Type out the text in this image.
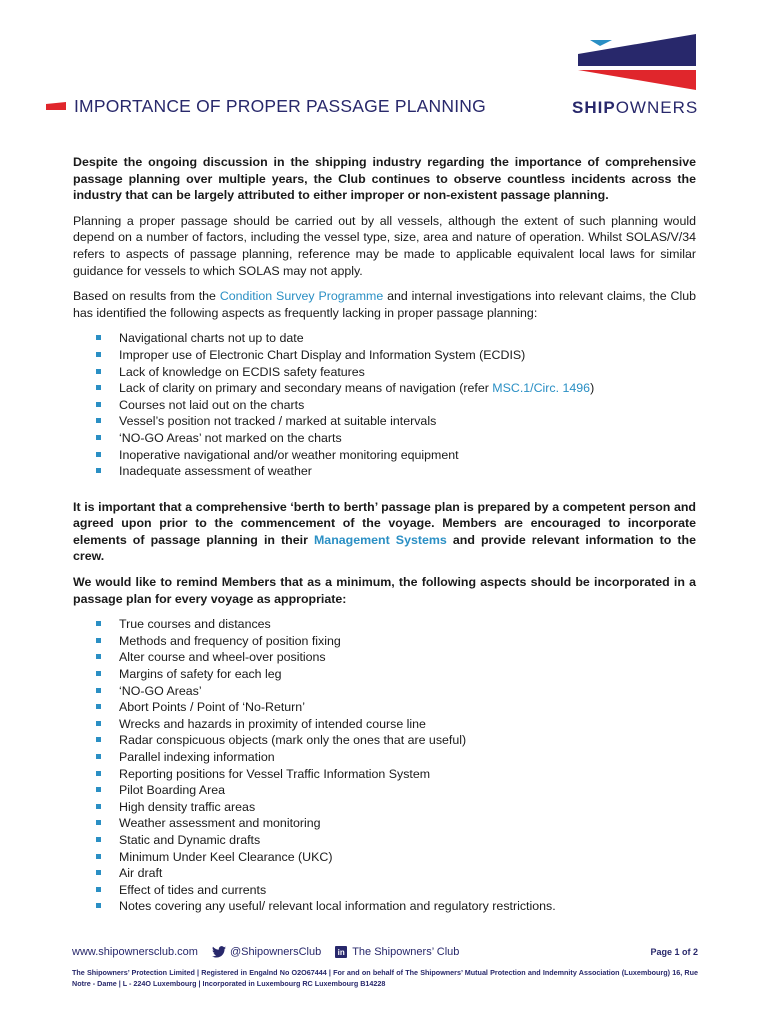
SHIPOWNERS
IMPORTANCE OF PROPER PASSAGE PLANNING

Despite the ongoing discussion in the shipping industry regarding the importance of comprehensive passage planning over multiple years, the Club continues to observe countless incidents across the industry that can be largely attributed to either improper or non-existent passage planning.

Planning a proper passage should be carried out by all vessels, although the extent of such planning would depend on a number of factors, including the vessel type, size, area and nature of operation. Whilst SOLAS/V/34 refers to aspects of passage planning, reference may be made to applicable equivalent local laws for similar guidance for vessels to which SOLAS may not apply.

Based on results from the Condition Survey Programme and internal investigations into relevant claims, the Club has identified the following aspects as frequently lacking in proper passage planning:

Navigational charts not up to date
Improper use of Electronic Chart Display and Information System (ECDIS)
Lack of knowledge on ECDIS safety features
Lack of clarity on primary and secondary means of navigation (refer MSC.1/Circ. 1496)
Courses not laid out on the charts
Vessel’s position not tracked / marked at suitable intervals
‘NO-GO Areas’ not marked on the charts
Inoperative navigational and/or weather monitoring equipment
Inadequate assessment of weather

It is important that a comprehensive ‘berth to berth’ passage plan is prepared by a competent person and agreed upon prior to the commencement of the voyage. Members are encouraged to incorporate elements of passage planning in their Management Systems and provide relevant information to the crew.

We would like to remind Members that as a minimum, the following aspects should be incorporated in a passage plan for every voyage as appropriate:

True courses and distances
Methods and frequency of position fixing
Alter course and wheel-over positions
Margins of safety for each leg
‘NO-GO Areas’
Abort Points / Point of ‘No-Return’
Wrecks and hazards in proximity of intended course line
Radar conspicuous objects (mark only the ones that are useful)
Parallel indexing information
Reporting positions for Vessel Traffic Information System
Pilot Boarding Area
High density traffic areas
Weather assessment and monitoring
Static and Dynamic drafts
Minimum Under Keel Clearance (UKC)
Air draft
Effect of tides and currents
Notes covering any useful/ relevant local information and regulatory restrictions.
www.shipownersclub.com	@ShipownersClub	in The Shipowners’ Club	Page 1 of 2
The Shipowners’ Protection Limited | Registered in Engalnd No O2O67444 | For and on behalf of The Shipowners’ Mutual Protection and Indemnity Association (Luxembourg) 16, Rue Notre - Dame | L - 224O Luxembourg | Incorporated in Luxembourg RC Luxembourg B14228
